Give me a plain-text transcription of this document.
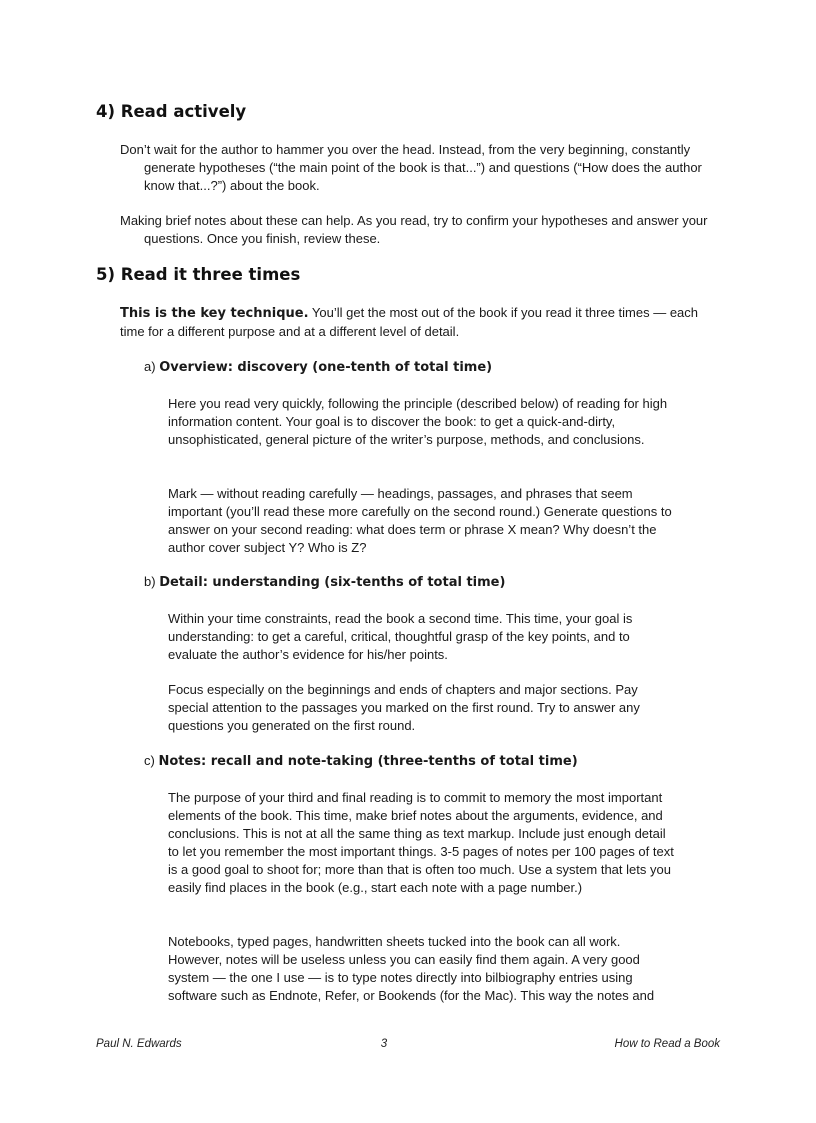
4) Read actively

Don’t wait for the author to hammer you over the head. Instead, from the very beginning, constantly generate hypotheses (“the main point of the book is that...”) and questions (“How does the author know that...?”) about the book.

Making brief notes about these can help. As you read, try to confirm your hypotheses and answer your questions. Once you finish, review these.

5) Read it three times

This is the key technique. You’ll get the most out of the book if you read it three times — each time for a different purpose and at a different level of detail.

a) Overview: discovery (one-tenth of total time)

Here you read very quickly, following the principle (described below) of reading for high information content. Your goal is to discover the book: to get a quick-and-dirty, unsophisticated, general picture of the writer’s purpose, methods, and conclusions.

Mark — without reading carefully — headings, passages, and phrases that seem important (you’ll read these more carefully on the second round.) Generate questions to answer on your second reading: what does term or phrase X mean? Why doesn’t the author cover subject Y? Who is Z?

b) Detail: understanding (six-tenths of total time)

Within your time constraints, read the book a second time. This time, your goal is understanding: to get a careful, critical, thoughtful grasp of the key points, and to evaluate the author’s evidence for his/her points.

Focus especially on the beginnings and ends of chapters and major sections. Pay special attention to the passages you marked on the first round. Try to answer any questions you generated on the first round.

c) Notes: recall and note-taking (three-tenths of total time)

The purpose of your third and final reading is to commit to memory the most important elements of the book. This time, make brief notes about the arguments, evidence, and conclusions. This is not at all the same thing as text markup. Include just enough detail to let you remember the most important things. 3-5 pages of notes per 100 pages of text is a good goal to shoot for; more than that is often too much. Use a system that lets you easily find places in the book (e.g., start each note with a page number.)

Notebooks, typed pages, handwritten sheets tucked into the book can all work. However, notes will be useless unless you can easily find them again. A very good system — the one I use — is to type notes directly into bilbiography entries using software such as Endnote, Refer, or Bookends (for the Mac). This way the notes and

Paul N. Edwards	3	How to Read a Book
